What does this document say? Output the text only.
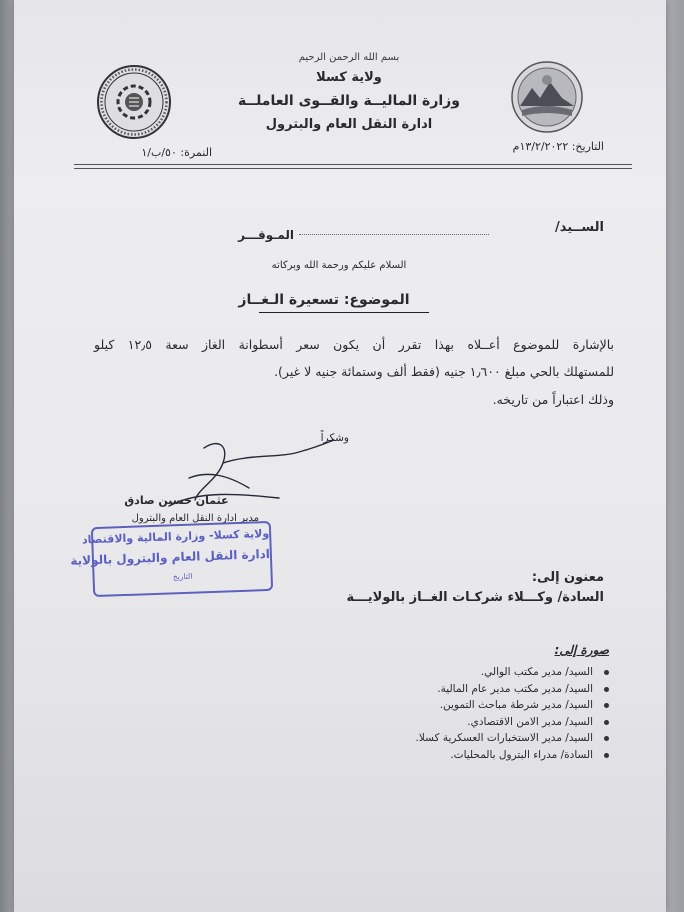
بسم الله الرحمن الرحيم
ولاية كسلا
وزارة الماليــة والقــوى العاملــة
ادارة النقل العام والبترول
التاريخ: ١٣/٢/٢٠٢٢م
النمرة: ٥٠/ب/١
الســيد/
المـوقـــر
السلام عليكم ورحمة الله وبركاته
الموضوع: تسعيرة الـغــاز
بالإشارة للموضوع أعــلاه بهذا تقرر أن يكون سعر أسطوانة الغاز سعة ١٢٫٥ كيلو
للمستهلك بالحي مبلغ ١٫٦٠٠ جنيه (فقط ألف وستمائة جنيه لا غير).
وذلك اعتباراً من تاريخه.
وشكراً
عثمان حسين صادق
مدير ادارة النقل العام والبترول
ولاية كسلا- وزارة المالية والاقتصاد
ادارة النقل العام والبترول بالولاية
التاريخ	معنون إلى:
السادة/ وكـــلاء شركـات الغــاز بالولايـــة
صورة إلى:
السيد/ مدير مكتب الوالي.
السيد/ مدير مكتب مدير عام المالية.
السيد/ مدير شرطة مباحث التموين.
السيد/ مدير الامن الاقتصادي.
السيد/ مدير الاستخبارات العسكرية كسلا.
السادة/ مدراء البترول بالمحليات.
